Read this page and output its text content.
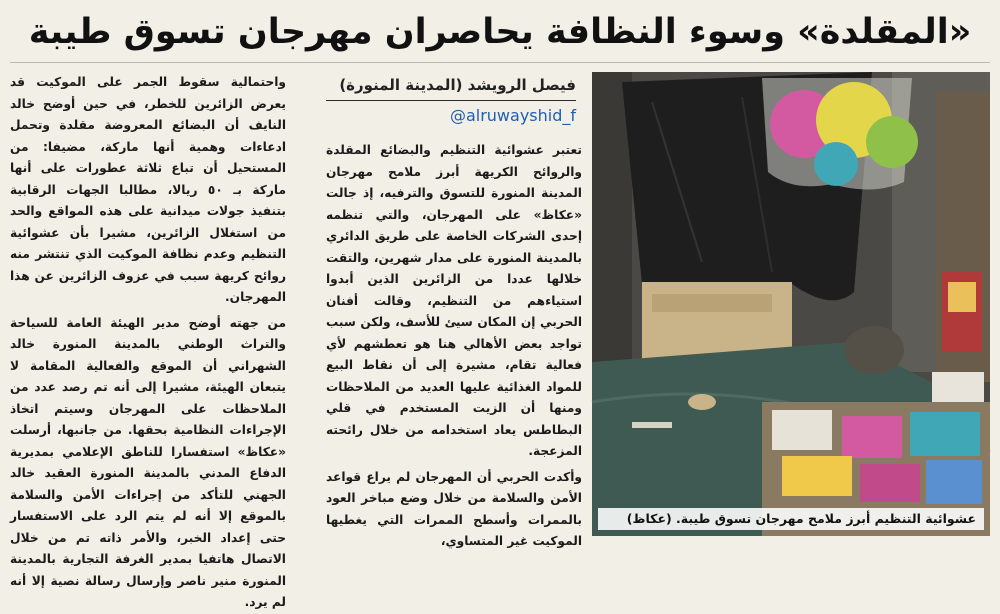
«المقلدة» وسوء النظافة يحاصران مهرجان تسوق طيبة
فيصل الرويشد (المدينة المنورة)
alruwayshid_f@

تعتبر عشوائية التنظيم والبضائع المقلدة والروائح الكريهة أبرز ملامح مهرجان المدينة المنورة للتسوق والترفيه، إذ جالت «عكاظ» على المهرجان، والتي تنظمه إحدى الشركات الخاصة على طريق الدائري بالمدينة المنورة على مدار شهرين، والتقت خلالها عددا من الزائرين الذين أبدوا استياءهم من التنظيم، وقالت أفنان الحربي إن المكان سيئ للأسف، ولكن سبب تواجد بعض الأهالي هنا هو تعطشهم لأي فعالية تقام، مشيرة إلى أن نقاط البيع للمواد الغذائية عليها العديد من الملاحظات ومنها أن الزيت المستخدم في قلي البطاطس يعاد استخدامه من خلال رائحته المزعجة.

وأكدت الحربي أن المهرجان لم يراع قواعد الأمن والسلامة من خلال وضع مباخر العود بالممرات وأسطح الممرات التي يغطيها الموكيت غير المتساوي،

واحتمالية سقوط الجمر على الموكيت قد يعرض الزائرين للخطر، في حين أوضح خالد النايف أن البضائع المعروضة مقلدة وتحمل ادعاءات وهمية أنها ماركة، مضيفا: من المستحيل أن تباع ثلاثة عطورات على أنها ماركة بـ ٥٠ ريالا، مطالبا الجهات الرقابية بتنفيذ جولات ميدانية على هذه المواقع والحد من استغلال الزائرين، مشيرا بأن عشوائية التنظيم وعدم نظافة الموكيت الذي تنتشر منه روائح كريهة سبب في عزوف الزائرين عن هذا المهرجان.

من جهته أوضح مدير الهيئة العامة للسياحة والتراث الوطني بالمدينة المنورة خالد الشهراني أن الموقع والفعالية المقامة لا يتبعان الهيئة، مشيرا إلى أنه تم رصد عدد من الملاحظات على المهرجان وسيتم اتخاذ الإجراءات النظامية بحقها. من جانبها، أرسلت «عكاظ» استفسارا للناطق الإعلامي بمديرية الدفاع المدني بالمدينة المنورة العقيد خالد الجهني للتأكد من إجراءات الأمن والسلامة بالموقع إلا أنه لم يتم الرد على الاستفسار حتى إعداد الخبر، والأمر ذاته تم من خلال الاتصال هاتفيا بمدير الغرفة التجارية بالمدينة المنورة منير ناصر وإرسال رسالة نصية إلا أنه لم يرد.

عشوائية التنظيم أبرز ملامح مهرجان تسوق طيبة. (عكاظ)
